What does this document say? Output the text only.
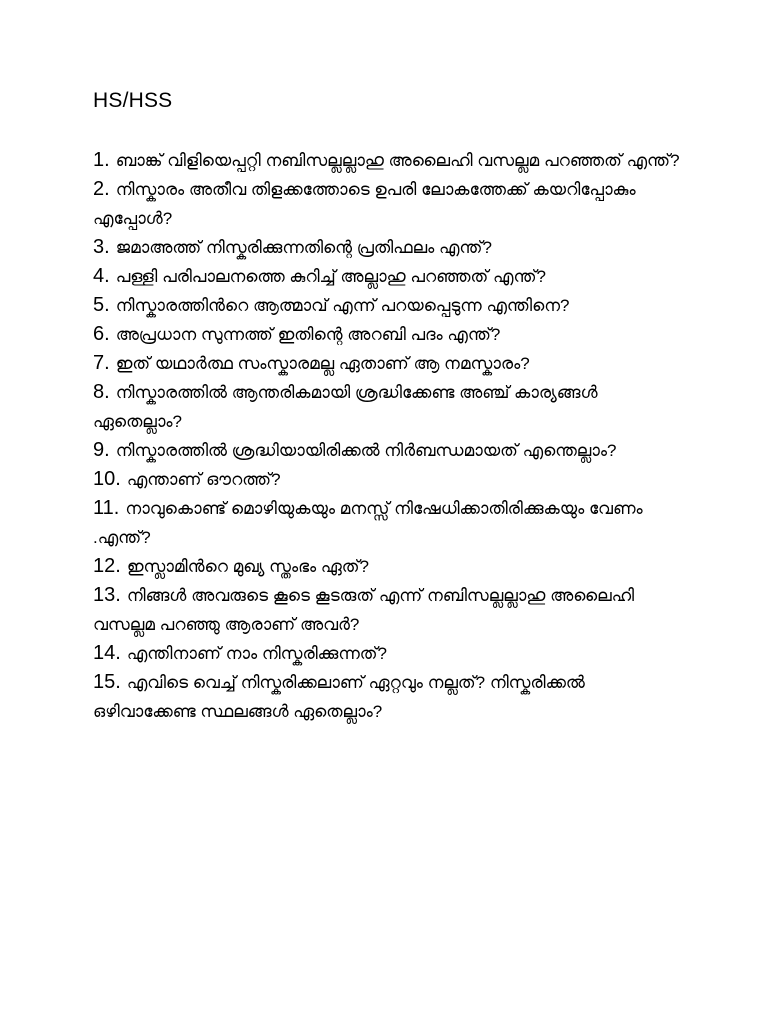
HS/HSS
1. ബാങ്ക് വിളിയെപ്പറ്റി നബിസല്ലല്ലാഹു അലൈഹി വസല്ലമ പറഞ്ഞത് എന്ത്?
2. നിസ്കാരം അതീവ തിളക്കത്തോടെ ഉപരി ലോകത്തേക്ക് കയറിപ്പോകും എപ്പോൾ?
3. ജമാഅത്ത് നിസ്കരിക്കുന്നതിന്റെ പ്രതിഫലം എന്ത്?
4. പള്ളി പരിപാലനത്തെ കുറിച്ച് അല്ലാഹു പറഞ്ഞത് എന്ത്?
5. നിസ്കാരത്തിൻറെ ആത്മാവ് എന്ന് പറയപ്പെടുന്ന എന്തിനെ?
6. അപ്രധാന സുന്നത്ത് ഇതിന്റെ അറബി പദം എന്ത്?
7. ഇത് യഥാർത്ഥ സംസ്കാരമല്ല ഏതാണ് ആ നമസ്കാരം?
8. നിസ്കാരത്തിൽ ആന്തരികമായി ശ്രദ്ധിക്കേണ്ട അഞ്ച് കാര്യങ്ങൾ ഏതെല്ലാം?
9. നിസ്കാരത്തിൽ ശ്രദ്ധിയായിരിക്കൽ നിർബന്ധമായത് എന്തെല്ലാം?
10. എന്താണ് ഔറത്ത്?
11. നാവുകൊണ്ട് മൊഴിയുകയും മനസ്സ് നിഷേധിക്കാതിരിക്കുകയും വേണം .എന്ത്?
12. ഇസ്ലാമിൻറെ മുഖ്യ സ്തംഭം ഏത്?
13. നിങ്ങൾ അവരുടെ കൂടെ കൂടരുത് എന്ന് നബിസല്ലല്ലാഹു അലൈഹി വസല്ലമ പറഞ്ഞു ആരാണ് അവർ?
14. എന്തിനാണ് നാം നിസ്കരിക്കുന്നത്?
15. എവിടെ വെച്ച് നിസ്കരിക്കലാണ് ഏറ്റവും നല്ലത്? നിസ്കരിക്കൽ ഒഴിവാക്കേണ്ട സ്ഥലങ്ങൾ ഏതെല്ലാം?
